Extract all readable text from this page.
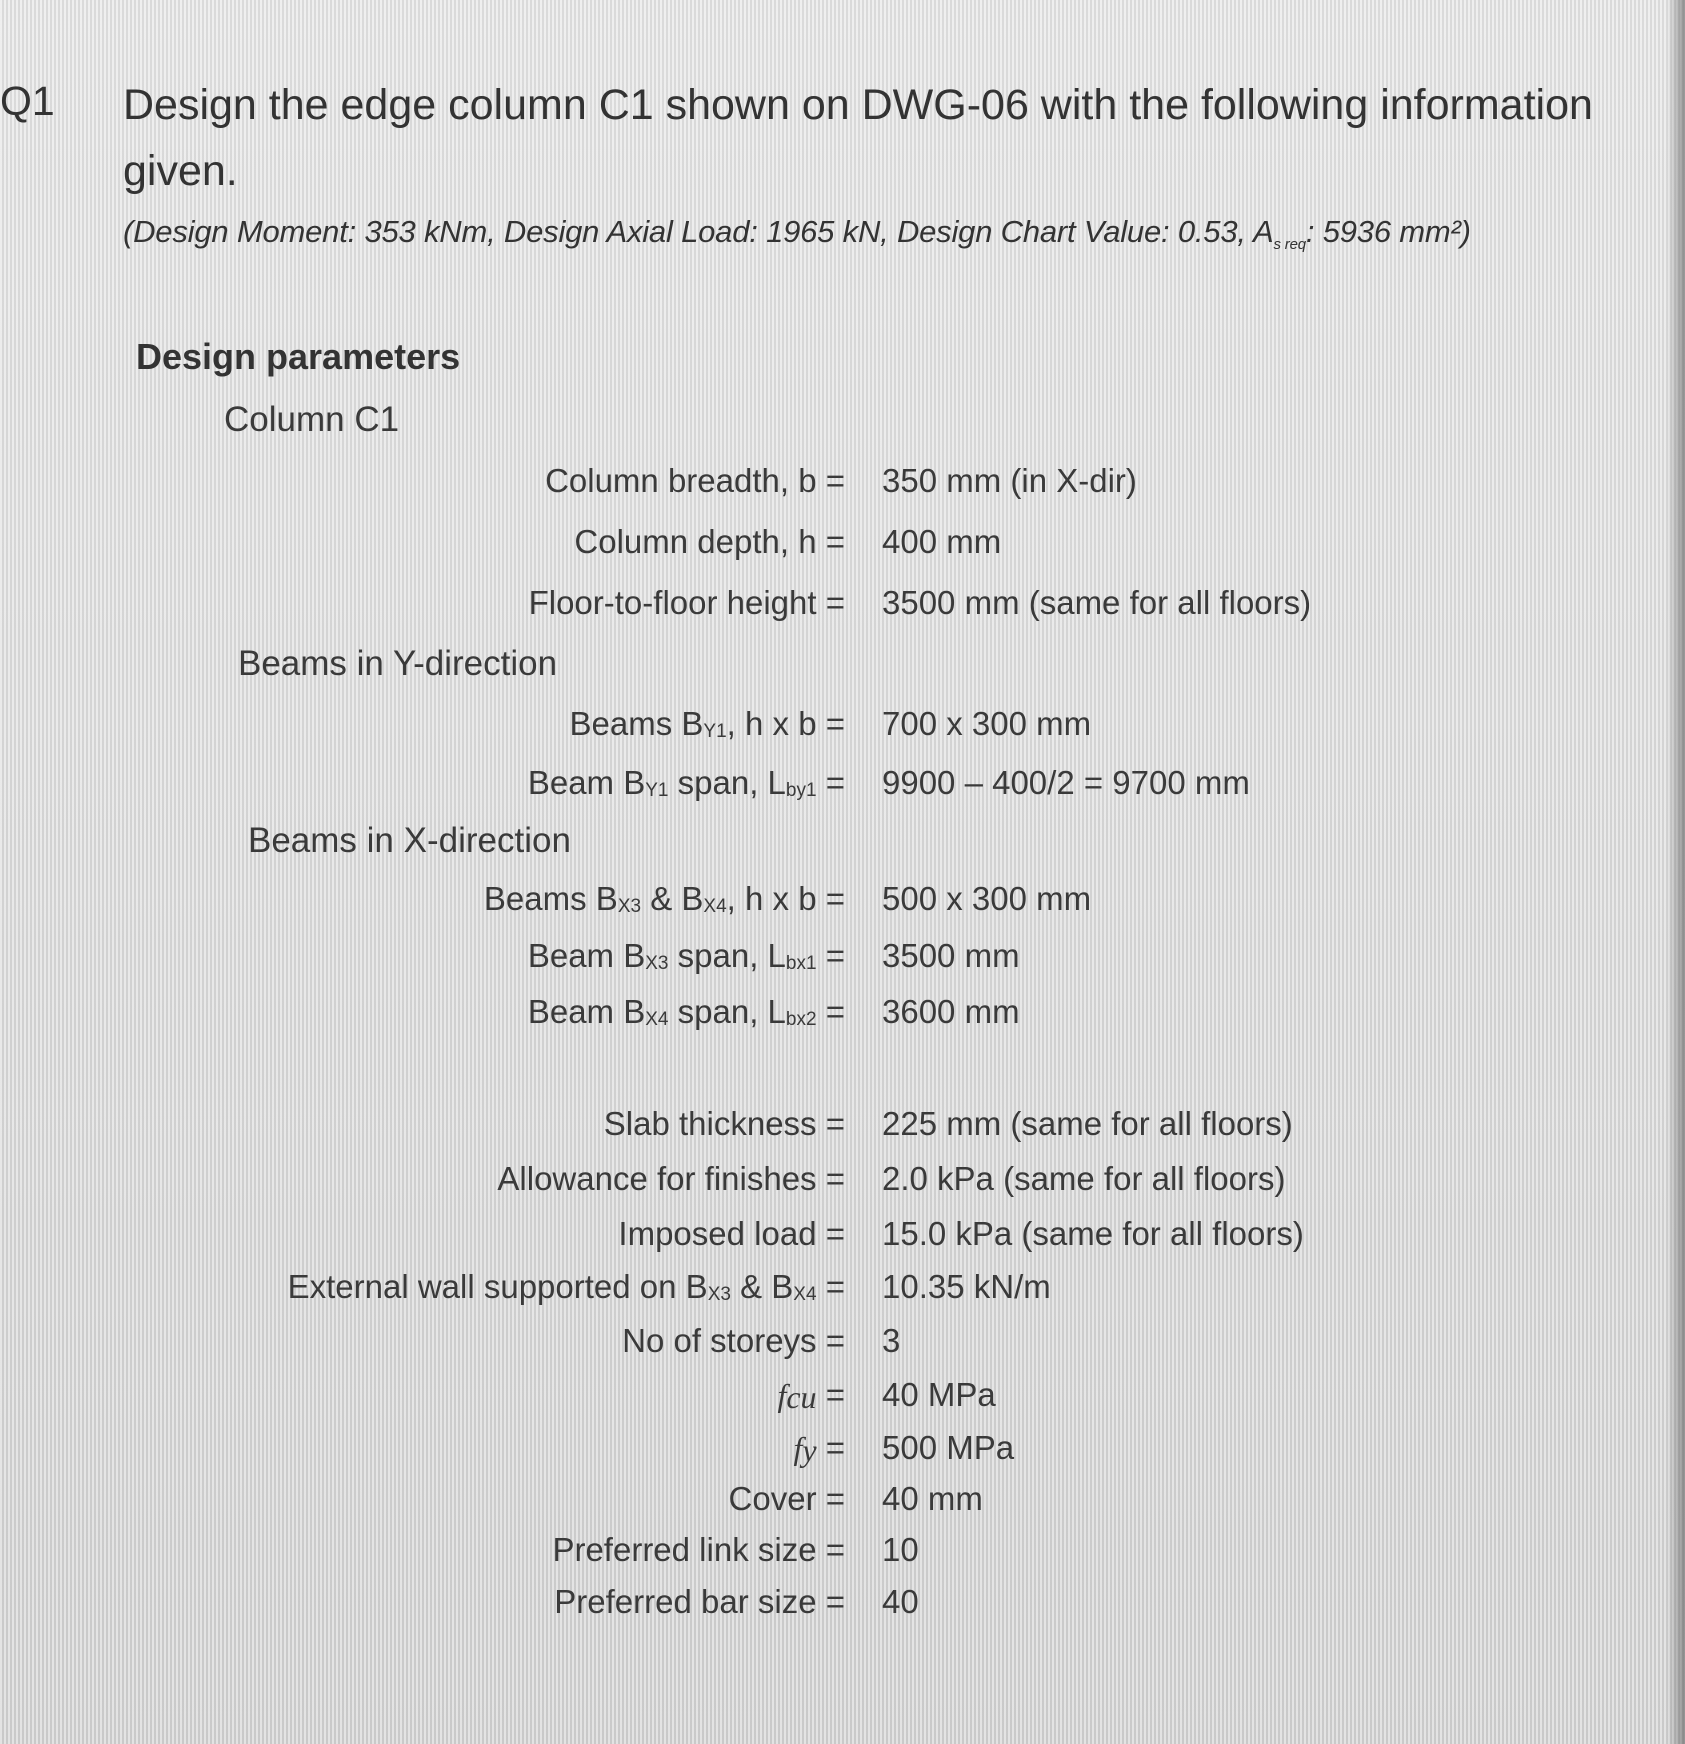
Q1 Design the edge column C1 shown on DWG-06 with the following information
given.

(Design Moment: 353 kNm, Design Axial Load: 1965 kN, Design Chart Value: 0.53, $A_{s req}$: 5936 mm²)
Design parameters
Column C1
Column breadth, b = 350 mm (in X-dir)
Column depth, h = 400 mm
Floor-to-floor height = 3500 mm (same for all floors)
Beams in Y-direction
Beams $B_{Y1}$, h x b = 700 x 300 mm
Beam $B_{Y1}$ span, $L_{by1} = 9900 - 400/2 = 9700$ mm
Beams in X-direction
Beams $B_{X3}$ & $B_{X4}$, h x b = 500 x 300 mm
Beam $B_{X3}$ span, $L_{bx1} = 3500$ mm
Beam $B_{X4}$ span, $L_{bx2} = 3600$ mm
Slab thickness = 225 mm (same for all floors)
Allowance for finishes = 2.0 kPa (same for all floors)
Imposed load = 15.0 kPa (same for all floors)
External wall supported on $B_{X3}$ & $B_{X4} = 10.35$ kN/m
No of storeys = 3
$f_{cu} = 40$ MPa
$f_y = 500$ MPa
Cover = 40 mm
Preferred link size = 10
Preferred bar size = 40
